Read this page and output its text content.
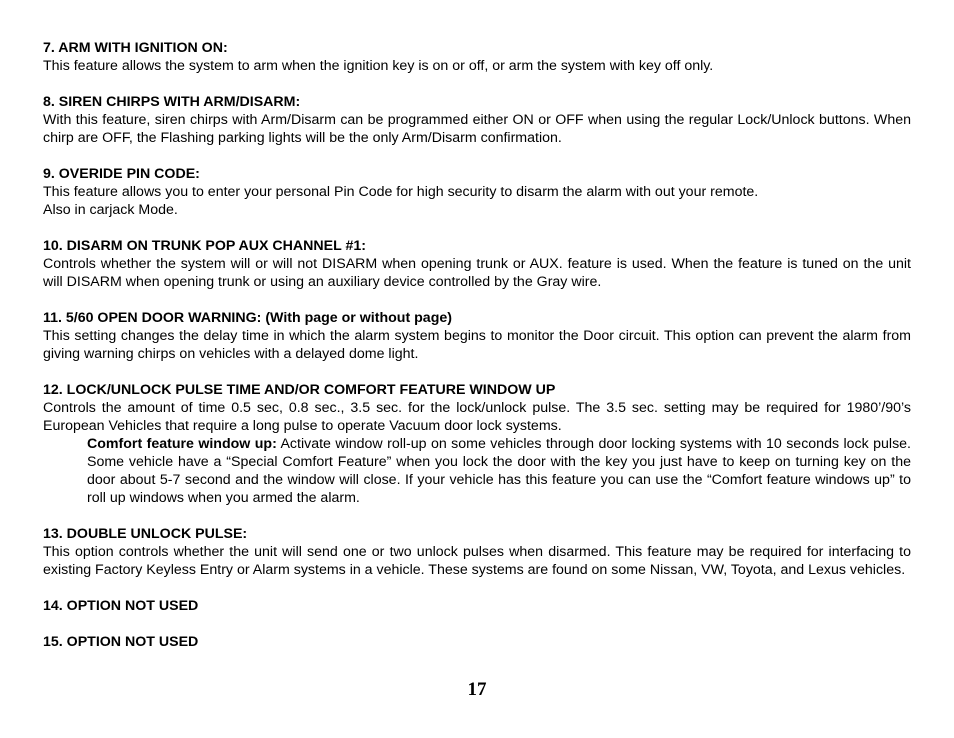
7. ARM WITH IGNITION ON:
This feature allows the system to arm when the ignition key is on or off, or arm the system with key off only.
8. SIREN CHIRPS WITH ARM/DISARM:
With this feature, siren chirps with Arm/Disarm can be programmed either ON or OFF when using the regular Lock/Unlock buttons. When chirp are OFF, the Flashing parking lights will be the only Arm/Disarm confirmation.
9. OVERIDE PIN CODE:
This feature allows you to enter your personal Pin Code for high security to disarm the alarm with out your remote.
Also in carjack Mode.
10. DISARM ON TRUNK POP AUX CHANNEL #1:
Controls whether the system will or will not DISARM when opening trunk or AUX. feature is used. When the feature is tuned on the unit will DISARM when opening trunk or using an auxiliary device controlled by the Gray wire.
11. 5/60 OPEN DOOR WARNING: (With page or without page)
This setting changes the delay time in which the alarm system begins to monitor the Door circuit. This option can prevent the alarm from giving warning chirps on vehicles with a delayed dome light.
12. LOCK/UNLOCK PULSE TIME AND/OR COMFORT FEATURE WINDOW UP
Controls the amount of time 0.5 sec, 0.8 sec., 3.5 sec. for the lock/unlock pulse. The 3.5 sec. setting may be required for 1980’/90’s European Vehicles that require a long pulse to operate Vacuum door lock systems.
Comfort feature window up: Activate window roll-up on some vehicles through door locking systems with 10 seconds lock pulse. Some vehicle have a “Special Comfort Feature” when you lock the door with the key you just have to keep on turning key on the door about 5-7 second and the window will close. If your vehicle has this feature you can use the “Comfort feature windows up” to roll up windows when you armed the alarm.
13. DOUBLE UNLOCK PULSE:
This option controls whether the unit will send one or two unlock pulses when disarmed. This feature may be required for interfacing to existing Factory Keyless Entry or Alarm systems in a vehicle. These systems are found on some Nissan, VW, Toyota, and Lexus vehicles.
14. OPTION NOT USED
15. OPTION NOT USED
17
